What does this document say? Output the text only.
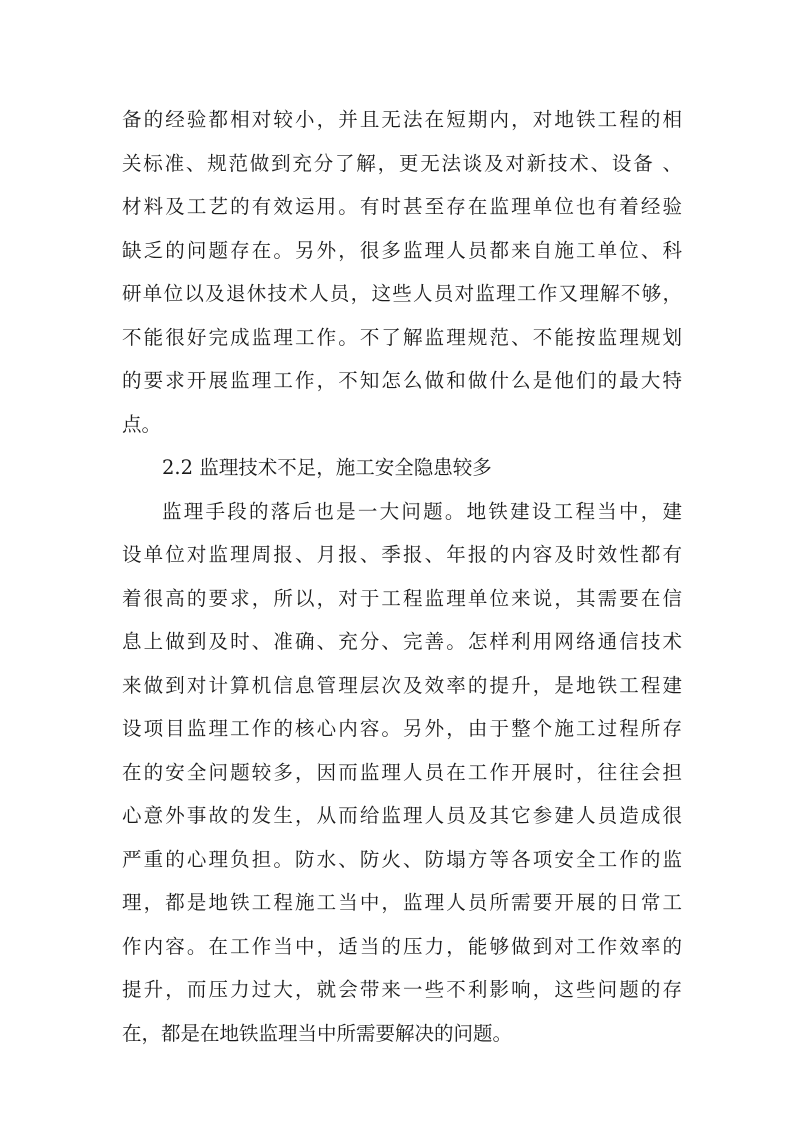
备的经验都相对较小，并且无法在短期内，对地铁工程的相
关标准、规范做到充分了解，更无法谈及对新技术、设备 、
材料及工艺的有效运用。有时甚至存在监理单位也有着经验
缺乏的问题存在。另外，很多监理人员都来自施工单位、科
研单位以及退休技术人员，这些人员对监理工作又理解不够，
不能很好完成监理工作。不了解监理规范、不能按监理规划
的要求开展监理工作，不知怎么做和做什么是他们的最大特
点。
2.2 监理技术不足，施工安全隐患较多
监理手段的落后也是一大问题。地铁建设工程当中，建
设单位对监理周报、月报、季报、年报的内容及时效性都有
着很高的要求，所以，对于工程监理单位来说，其需要在信
息上做到及时、准确、充分、完善。怎样利用网络通信技术
来做到对计算机信息管理层次及效率的提升，是地铁工程建
设项目监理工作的核心内容。另外，由于整个施工过程所存
在的安全问题较多，因而监理人员在工作开展时，往往会担
心意外事故的发生，从而给监理人员及其它参建人员造成很
严重的心理负担。防水、防火、防塌方等各项安全工作的监
理，都是地铁工程施工当中，监理人员所需要开展的日常工
作内容。在工作当中，适当的压力，能够做到对工作效率的
提升，而压力过大，就会带来一些不利影响，这些问题的存
在，都是在地铁监理当中所需要解决的问题。
